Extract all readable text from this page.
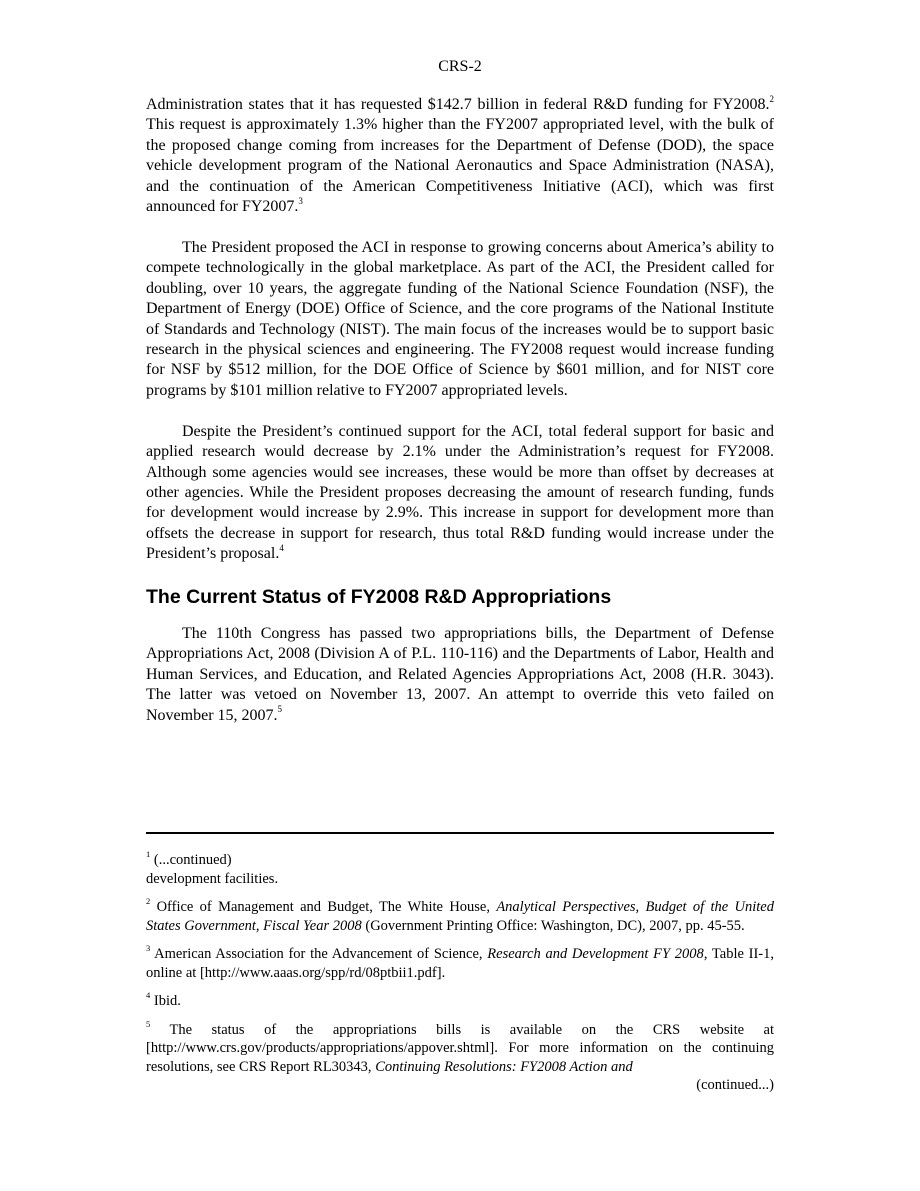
CRS-2

Administration states that it has requested $142.7 billion in federal R&D funding for FY2008.$^2$ This request is approximately 1.3% higher than the FY2007 appropriated level, with the bulk of the proposed change coming from increases for the Department of Defense (DOD), the space vehicle development program of the National Aeronautics and Space Administration (NASA), and the continuation of the American Competitiveness Initiative (ACI), which was first announced for FY2007.$^3$

The President proposed the ACI in response to growing concerns about America’s ability to compete technologically in the global marketplace. As part of the ACI, the President called for doubling, over 10 years, the aggregate funding of the National Science Foundation (NSF), the Department of Energy (DOE) Office of Science, and the core programs of the National Institute of Standards and Technology (NIST). The main focus of the increases would be to support basic research in the physical sciences and engineering. The FY2008 request would increase funding for NSF by $512 million, for the DOE Office of Science by $601 million, and for NIST core programs by $101 million relative to FY2007 appropriated levels.

Despite the President’s continued support for the ACI, total federal support for basic and applied research would decrease by 2.1% under the Administration’s request for FY2008. Although some agencies would see increases, these would be more than offset by decreases at other agencies. While the President proposes decreasing the amount of research funding, funds for development would increase by 2.9%. This increase in support for development more than offsets the decrease in support for research, thus total R&D funding would increase under the President’s proposal.$^4$

The Current Status of FY2008 R&D Appropriations

The 110th Congress has passed two appropriations bills, the Department of Defense Appropriations Act, 2008 (Division A of P.L. 110-116) and the Departments of Labor, Health and Human Services, and Education, and Related Agencies Appropriations Act, 2008 (H.R. 3043). The latter was vetoed on November 13, 2007. An attempt to override this veto failed on November 15, 2007.$^5$

$^1$ (...continued)
development facilities.
$^2$ Office of Management and Budget, The White House, Analytical Perspectives, Budget of the United States Government, Fiscal Year 2008 (Government Printing Office: Washington, DC), 2007, pp. 45-55.
$^3$ American Association for the Advancement of Science, Research and Development FY 2008, Table II-1, online at [http://www.aaas.org/spp/rd/08ptbii1.pdf].
$^4$ Ibid.
$^5$ The status of the appropriations bills is available on the CRS website at [http://www.crs.gov/products/appropriations/appover.shtml]. For more information on the continuing resolutions, see CRS Report RL30343, Continuing Resolutions: FY2008 Action and
(continued...)
